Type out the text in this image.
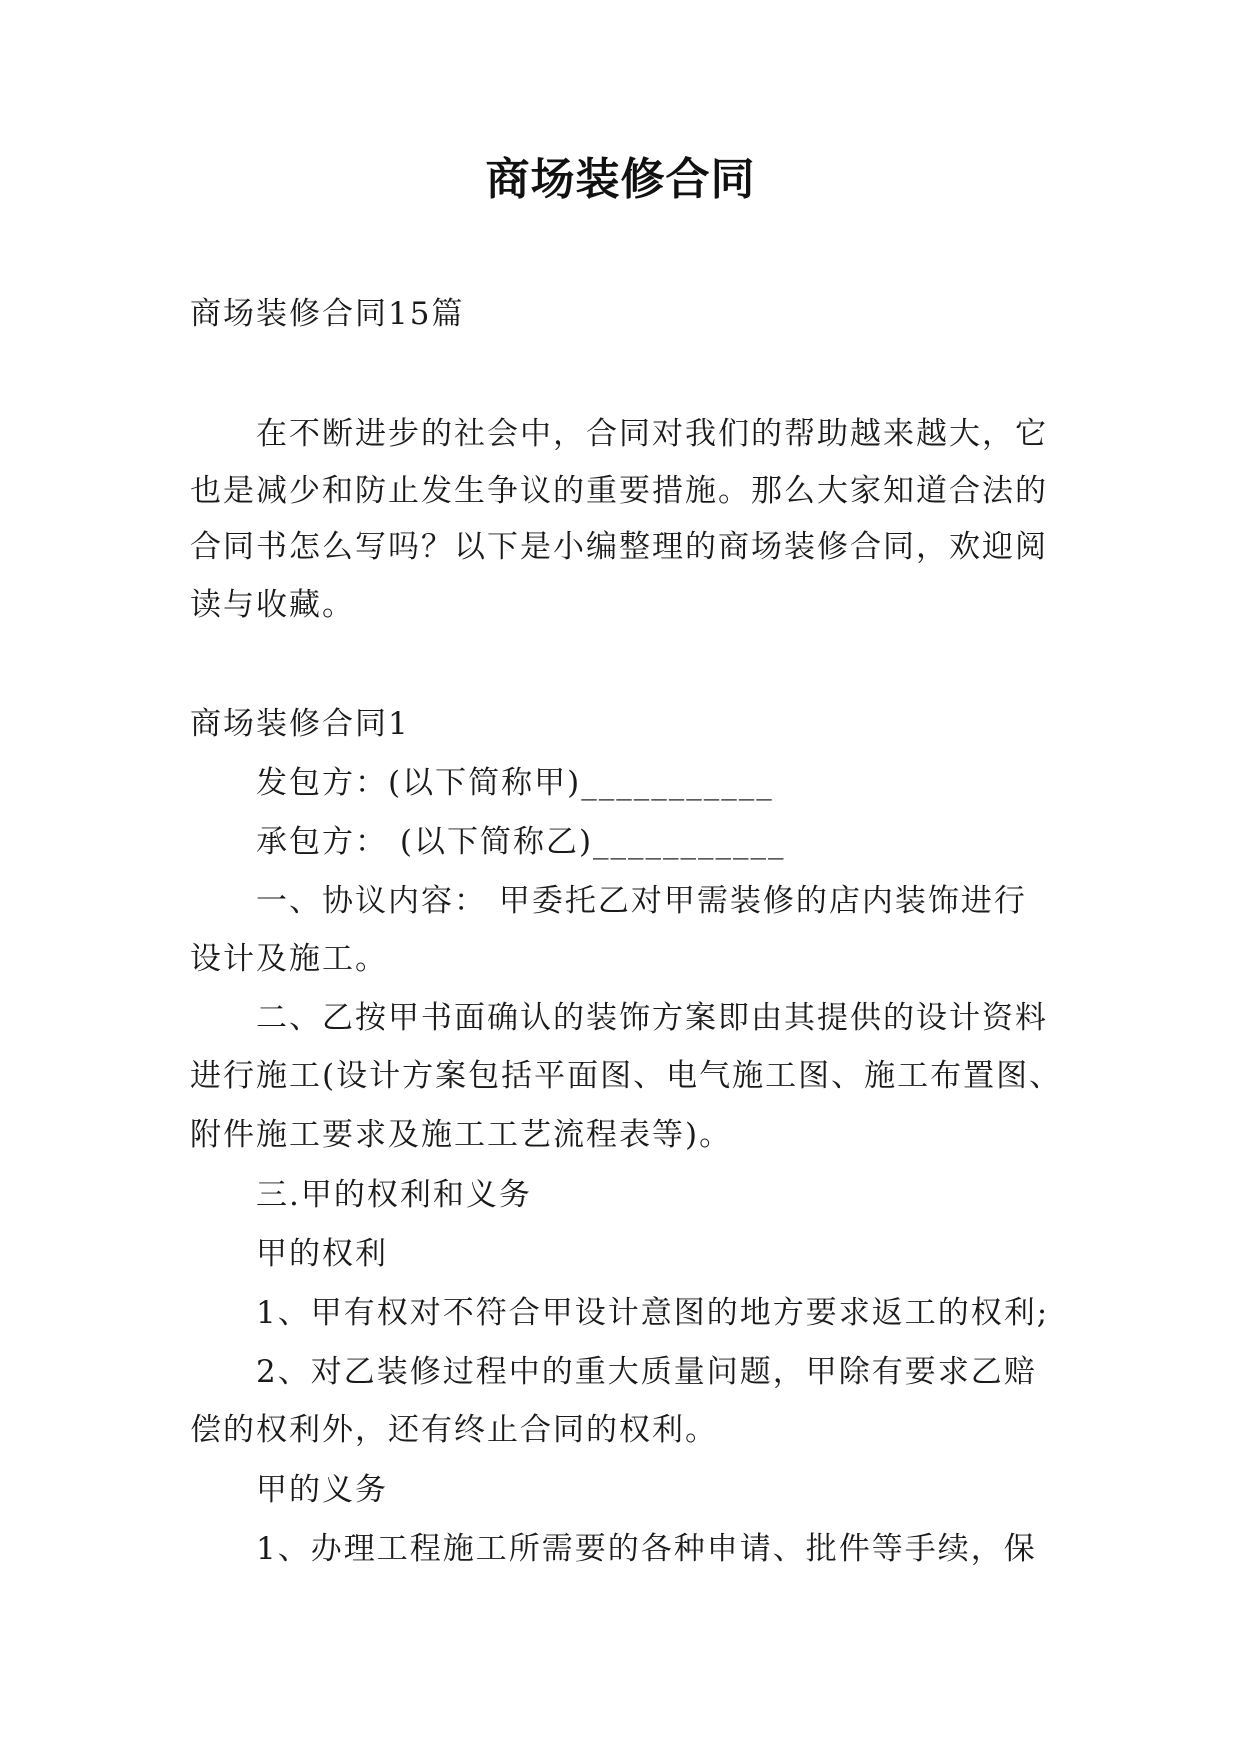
商场装修合同
商场装修合同15篇
在不断进步的社会中，合同对我们的帮助越来越大，它
也是减少和防止发生争议的重要措施。那么大家知道合法的
合同书怎么写吗？以下是小编整理的商场装修合同，欢迎阅
读与收藏。
商场装修合同1
发包方：(以下简称甲)___________
承包方： (以下简称乙)___________
一、协议内容： 甲委托乙对甲需装修的店内装饰进行
设计及施工。
二、乙按甲书面确认的装饰方案即由其提供的设计资料
进行施工(设计方案包括平面图、电气施工图、施工布置图、
附件施工要求及施工工艺流程表等)。
三.甲的权利和义务
甲的权利
1、甲有权对不符合甲设计意图的地方要求返工的权利;
2、对乙装修过程中的重大质量问题，甲除有要求乙赔
偿的权利外，还有终止合同的权利。
甲的义务
1、办理工程施工所需要的各种申请、批件等手续，保
